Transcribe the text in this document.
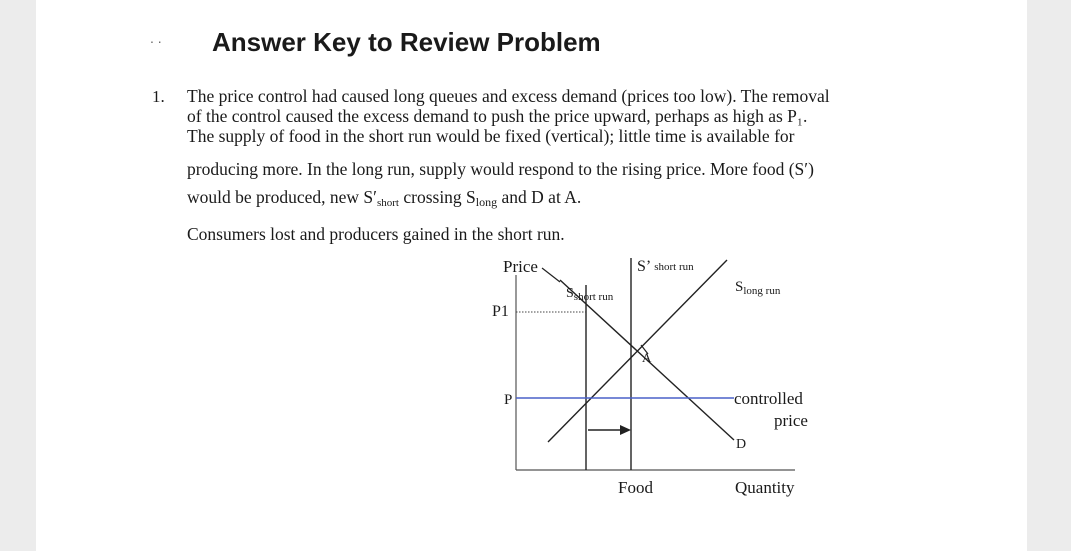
. . Answer Key to Review Problem
1. The price control had caused long queues and excess demand (prices too low). The removal
of the control caused the excess demand to push the price upward, perhaps as high as P₁.
The supply of food in the short run would be fixed (vertical); little time is available for
producing more. In the long run, supply would respond to the rising price. More food (S′)
would be produced, new $S'_{short}$ crossing Slong and D at A.
Consumers lost and producers gained in the short run.
Price
P1
P
$S_{short run}$
S’ short run
$S_{long run}$
A
D
controlled
price
Food	Quantity
